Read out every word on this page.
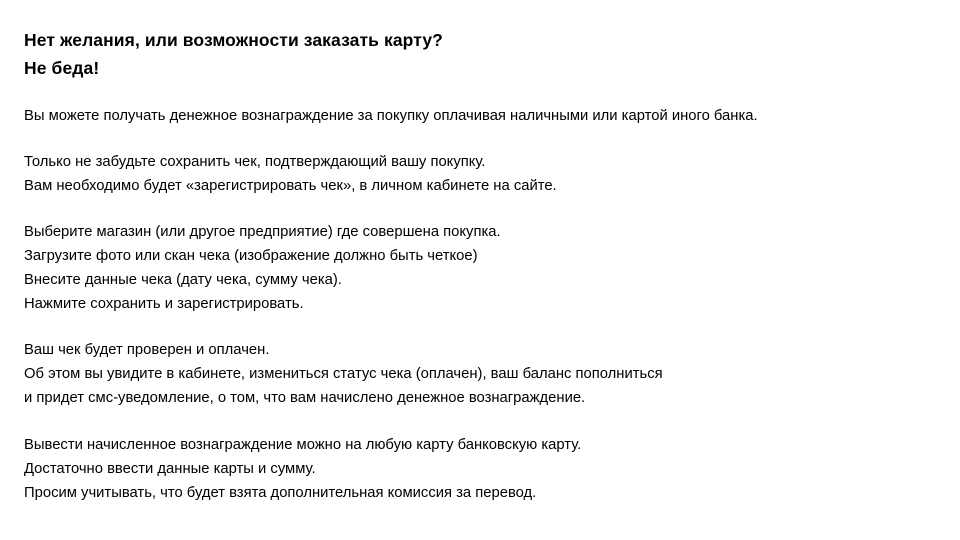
Нет желания, или возможности заказать карту?
Не беда!

Вы можете получать денежное вознаграждение за покупку оплачивая наличными или картой иного банка.

Только не забудьте сохранить чек, подтверждающий вашу покупку.
Вам необходимо будет «зарегистрировать чек», в личном кабинете на сайте.

Выберите магазин (или другое предприятие) где совершена покупка.
Загрузите фото или скан чека (изображение должно быть четкое)
Внесите данные чека (дату чека, сумму чека).
Нажмите сохранить и зарегистрировать.

Ваш чек будет проверен и оплачен.
Об этом вы увидите в кабинете, измениться статус чека (оплачен), ваш баланс пополниться
и придет смс-уведомление, о том, что вам начислено денежное вознаграждение.

Вывести начисленное вознаграждение можно на любую карту банковскую карту.
Достаточно ввести данные карты и сумму.
Просим учитывать, что будет взята дополнительная комиссия за перевод.
